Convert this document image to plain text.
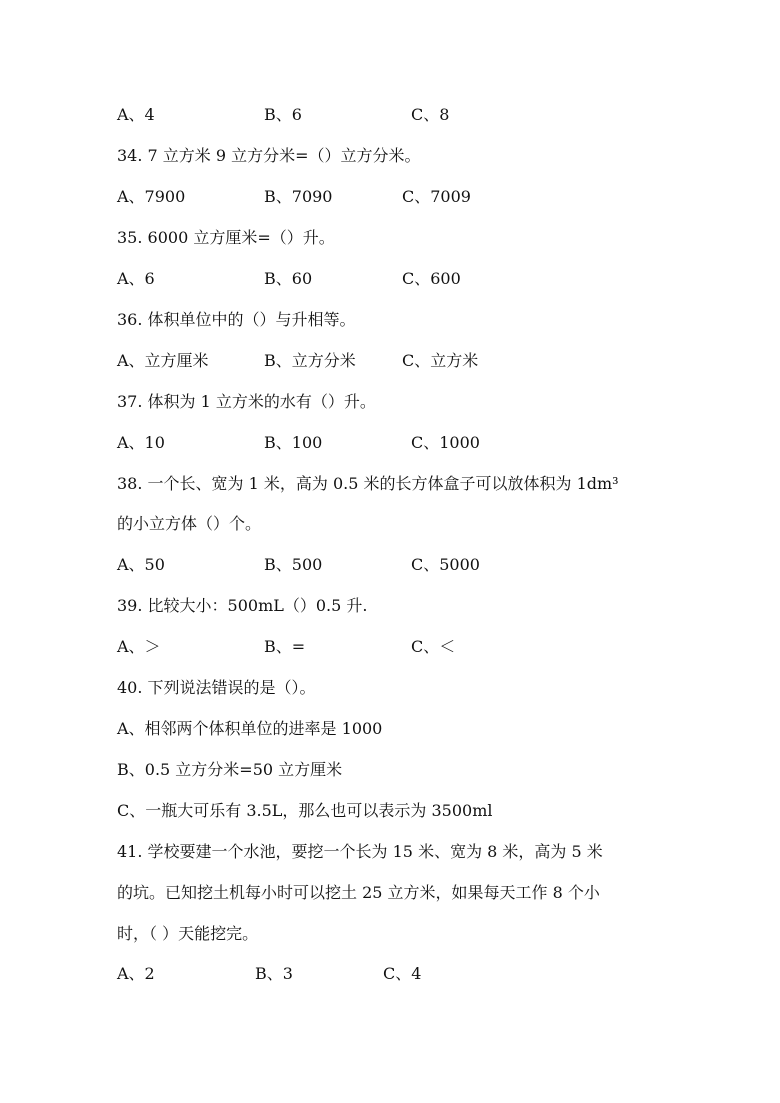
A、4	B、6	C、8
34. 7 立方米 9 立方分米=（）立方分米。
A、7900	B、7090	C、7009
35. 6000 立方厘米=（）升。
A、6	B、60	C、600
36. 体积单位中的（）与升相等。
A、立方厘米	B、立方分米	C、立方米
37. 体积为 1 立方米的水有（）升。
A、10	B、100	C、1000
38. 一个长、宽为 1 米，高为 0.5 米的长方体盒子可以放体积为 1dm³
的小立方体（）个。
A、50	B、500	C、5000
39. 比较大小：500mL（）0.5 升.
A、＞	B、=	C、＜
40. 下列说法错误的是（）。
A、相邻两个体积单位的进率是 1000
B、0.5 立方分米=50 立方厘米
C、一瓶大可乐有 3.5L，那么也可以表示为 3500ml
41. 学校要建一个水池，要挖一个长为 15 米、宽为 8 米，高为 5 米
的坑。已知挖土机每小时可以挖土 25 立方米，如果每天工作 8 个小
时，（ ）天能挖完。
A、2	B、3	C、4
